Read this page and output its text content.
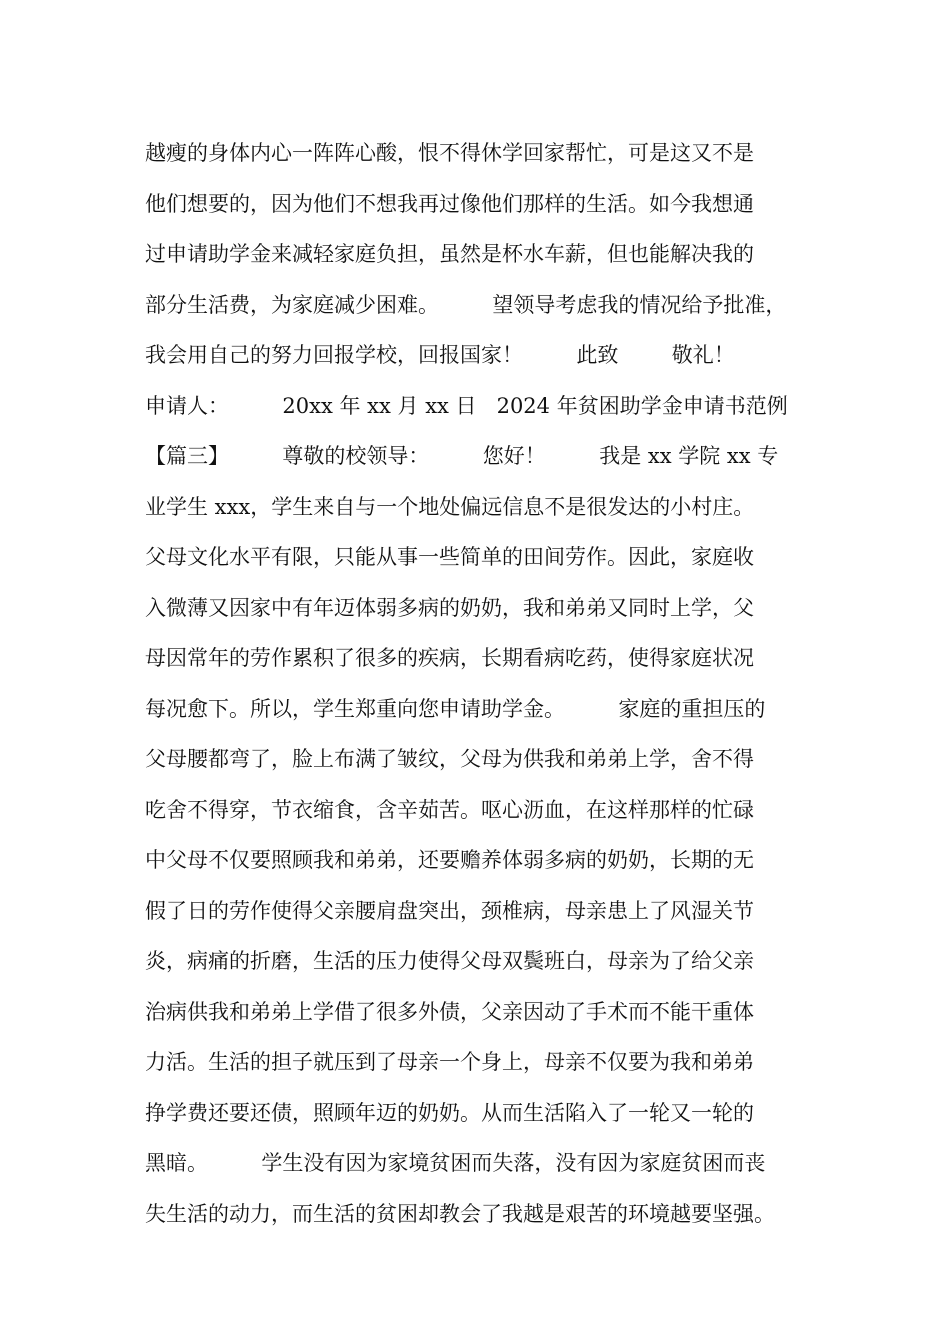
越瘦的身体内心一阵阵心酸，恨不得休学回家帮忙，可是这又不是
他们想要的，因为他们不想我再过像他们那样的生活。如今我想通
过申请助学金来减轻家庭负担，虽然是杯水车薪，但也能解决我的
部分生活费，为家庭减少困难。        望领导考虑我的情况给予批准，
我会用自己的努力回报学校，回报国家！        此致        敬礼！
申请人：        20xx 年 xx 月 xx 日   2024 年贫困助学金申请书范例
【篇三】        尊敬的校领导：        您好！        我是 xx 学院 xx 专
业学生 xxx，学生来自与一个地处偏远信息不是很发达的小村庄。
父母文化水平有限，只能从事一些简单的田间劳作。因此，家庭收
入微薄又因家中有年迈体弱多病的奶奶，我和弟弟又同时上学，父
母因常年的劳作累积了很多的疾病，长期看病吃药，使得家庭状况
每况愈下。所以，学生郑重向您申请助学金。        家庭的重担压的
父母腰都弯了，脸上布满了皱纹，父母为供我和弟弟上学，舍不得
吃舍不得穿，节衣缩食，含辛茹苦。呕心沥血，在这样那样的忙碌
中父母不仅要照顾我和弟弟，还要赡养体弱多病的奶奶，长期的无
假了日的劳作使得父亲腰肩盘突出，颈椎病，母亲患上了风湿关节
炎，病痛的折磨，生活的压力使得父母双鬓班白，母亲为了给父亲
治病供我和弟弟上学借了很多外债，父亲因动了手术而不能干重体
力活。生活的担子就压到了母亲一个身上，母亲不仅要为我和弟弟
挣学费还要还债，照顾年迈的奶奶。从而生活陷入了一轮又一轮的
黑暗。        学生没有因为家境贫困而失落，没有因为家庭贫困而丧
失生活的动力，而生活的贫困却教会了我越是艰苦的环境越要坚强。
